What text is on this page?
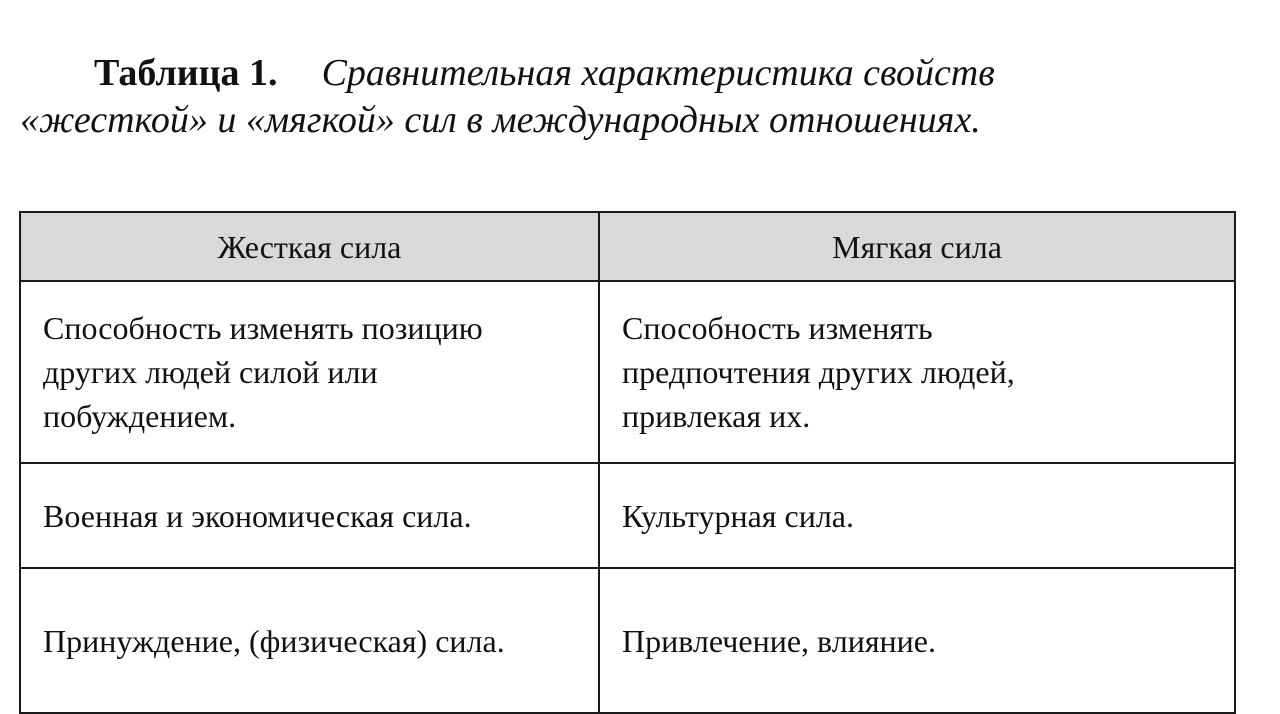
Таблица 1. Сравнительная характеристика свойств
«жесткой» и «мягкой» сил в международных отношениях.
Жесткая сила	Мягкая сила
Способность изменять позицию других людей силой или побуждением.	Способность изменять предпочтения других людей, привлекая их.
Военная и экономическая сила.	Культурная сила.
Принуждение, (физическая) сила.	Привлечение, влияние.
